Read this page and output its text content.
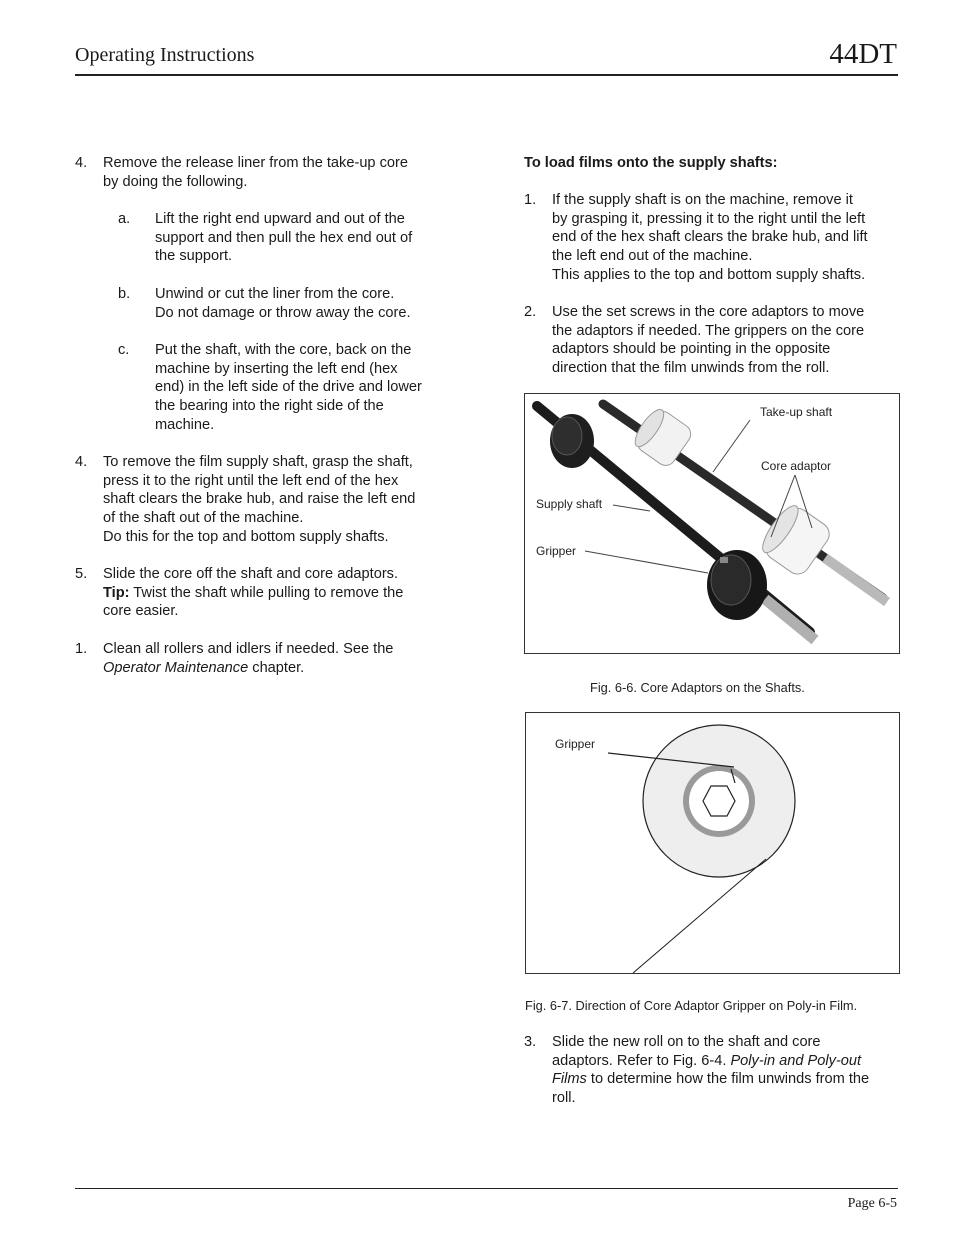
Operating Instructions	44DT
4. Remove the release liner from the take-up core
by doing the following.
a. Lift the right end upward and out of the
support and then pull the hex end out of
the support.
b. Unwind or cut the liner from the core.
Do not damage or throw away the core.
c. Put the shaft, with the core, back on the
machine by inserting the left end (hex
end) in the left side of the drive and lower
the bearing into the right side of the
machine.
4. To remove the film supply shaft, grasp the shaft,
press it to the right until the left end of the hex
shaft clears the brake hub, and raise the left end
of the shaft out of the machine.
Do this for the top and bottom supply shafts.
5. Slide the core off the shaft and core adaptors.
Tip: Twist the shaft while pulling to remove the
core easier.
1. Clean all rollers and idlers if needed. See the
Operator Maintenance chapter.
To load films onto the supply shafts:
1. If the supply shaft is on the machine, remove it
by grasping it, pressing it to the right until the left
end of the hex shaft clears the brake hub, and lift
the left end out of the machine.
This applies to the top and bottom supply shafts.
2. Use the set screws in the core adaptors to move
the adaptors if needed. The grippers on the core
adaptors should be pointing in the opposite
direction that the film unwinds from the roll.
Take-up shaft
Core adaptor
Supply shaft
Gripper
Fig. 6-6. Core Adaptors on the Shafts.
Gripper
Fig. 6-7. Direction of Core Adaptor Gripper on Poly-in Film.
3. Slide the new roll on to the shaft and core
adaptors. Refer to Fig. 6-4. Poly-in and Poly-out
Films to determine how the film unwinds from the
roll.
Page 6-5
